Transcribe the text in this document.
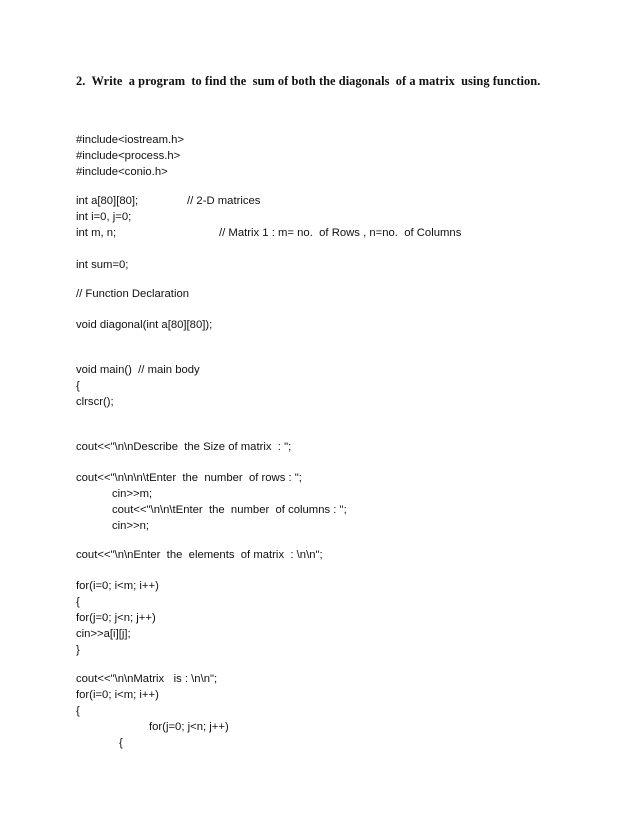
2.  Write  a program  to find the  sum of both the diagonals  of a matrix  using function.
#include<iostream.h>
#include<process.h>
#include<conio.h>
int a[80][80];	// 2-D matrices
int i=0, j=0;
int m, n;	// Matrix 1 : m= no.  of Rows , n=no.  of Columns
int sum=0;
// Function Declaration
void diagonal(int a[80][80]);
void main()  // main body
{
clrscr();
cout<<"\n\nDescribe  the Size of matrix  : ";
cout<<"\n\n\n\tEnter  the  number  of rows : ";
cin>>m;
cout<<"\n\n\tEnter  the  number  of columns : ";
cin>>n;
cout<<"\n\nEnter  the  elements  of matrix  : \n\n";
for(i=0; i<m; i++)
{
for(j=0; j<n; j++)
cin>>a[i][j];
}
cout<<"\n\nMatrix   is : \n\n";
for(i=0; i<m; i++)
{
for(j=0; j<n; j++)
{
